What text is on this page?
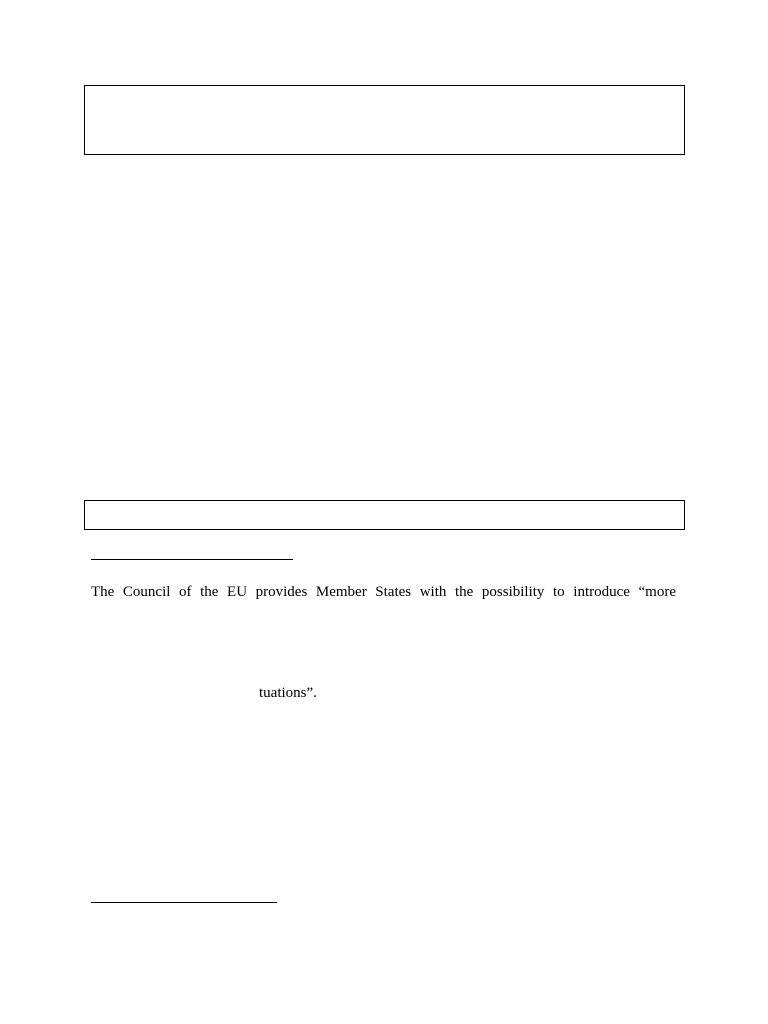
The Council of the EU provides Member States with the possibility to introduce “more
tuations”.
